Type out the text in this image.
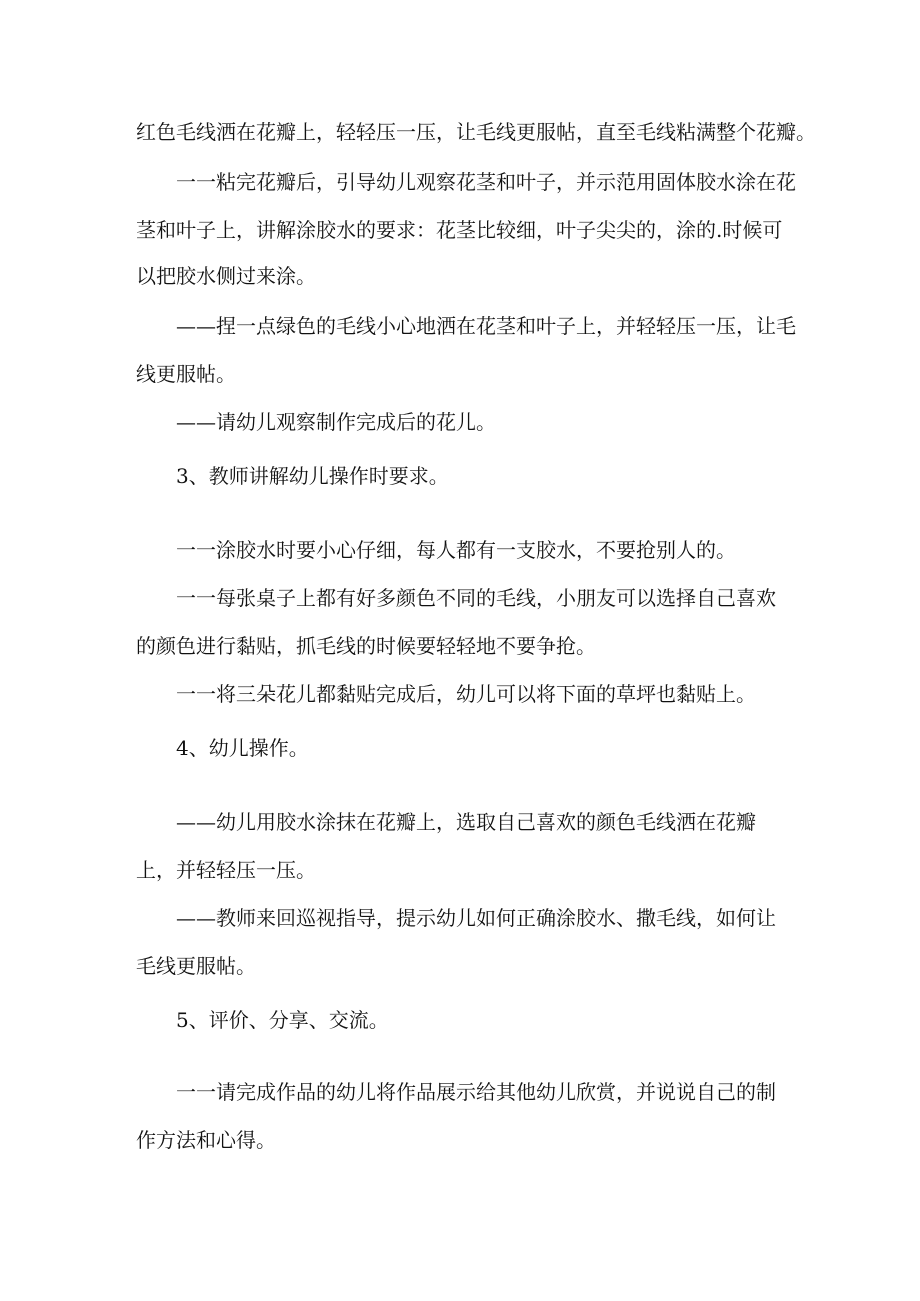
红色毛线洒在花瓣上，轻轻压一压，让毛线更服帖，直至毛线粘满整个花瓣。

一一粘完花瓣后，引导幼儿观察花茎和叶子，并示范用固体胶水涂在花

茎和叶子上，讲解涂胶水的要求：花茎比较细，叶子尖尖的，涂的.时候可

以把胶水侧过来涂。

——捏一点绿色的毛线小心地洒在花茎和叶子上，并轻轻压一压，让毛

线更服帖。

——请幼儿观察制作完成后的花儿。

3、教师讲解幼儿操作时要求。

一一涂胶水时要小心仔细，每人都有一支胶水，不要抢别人的。

一一每张桌子上都有好多颜色不同的毛线，小朋友可以选择自己喜欢

的颜色进行黏贴，抓毛线的时候要轻轻地不要争抢。

一一将三朵花儿都黏贴完成后，幼儿可以将下面的草坪也黏贴上。

4、幼儿操作。

——幼儿用胶水涂抹在花瓣上，选取自己喜欢的颜色毛线洒在花瓣

上，并轻轻压一压。

——教师来回巡视指导，提示幼儿如何正确涂胶水、撒毛线，如何让

毛线更服帖。

5、评价、分享、交流。

一一请完成作品的幼儿将作品展示给其他幼儿欣赏，并说说自己的制

作方法和心得。
